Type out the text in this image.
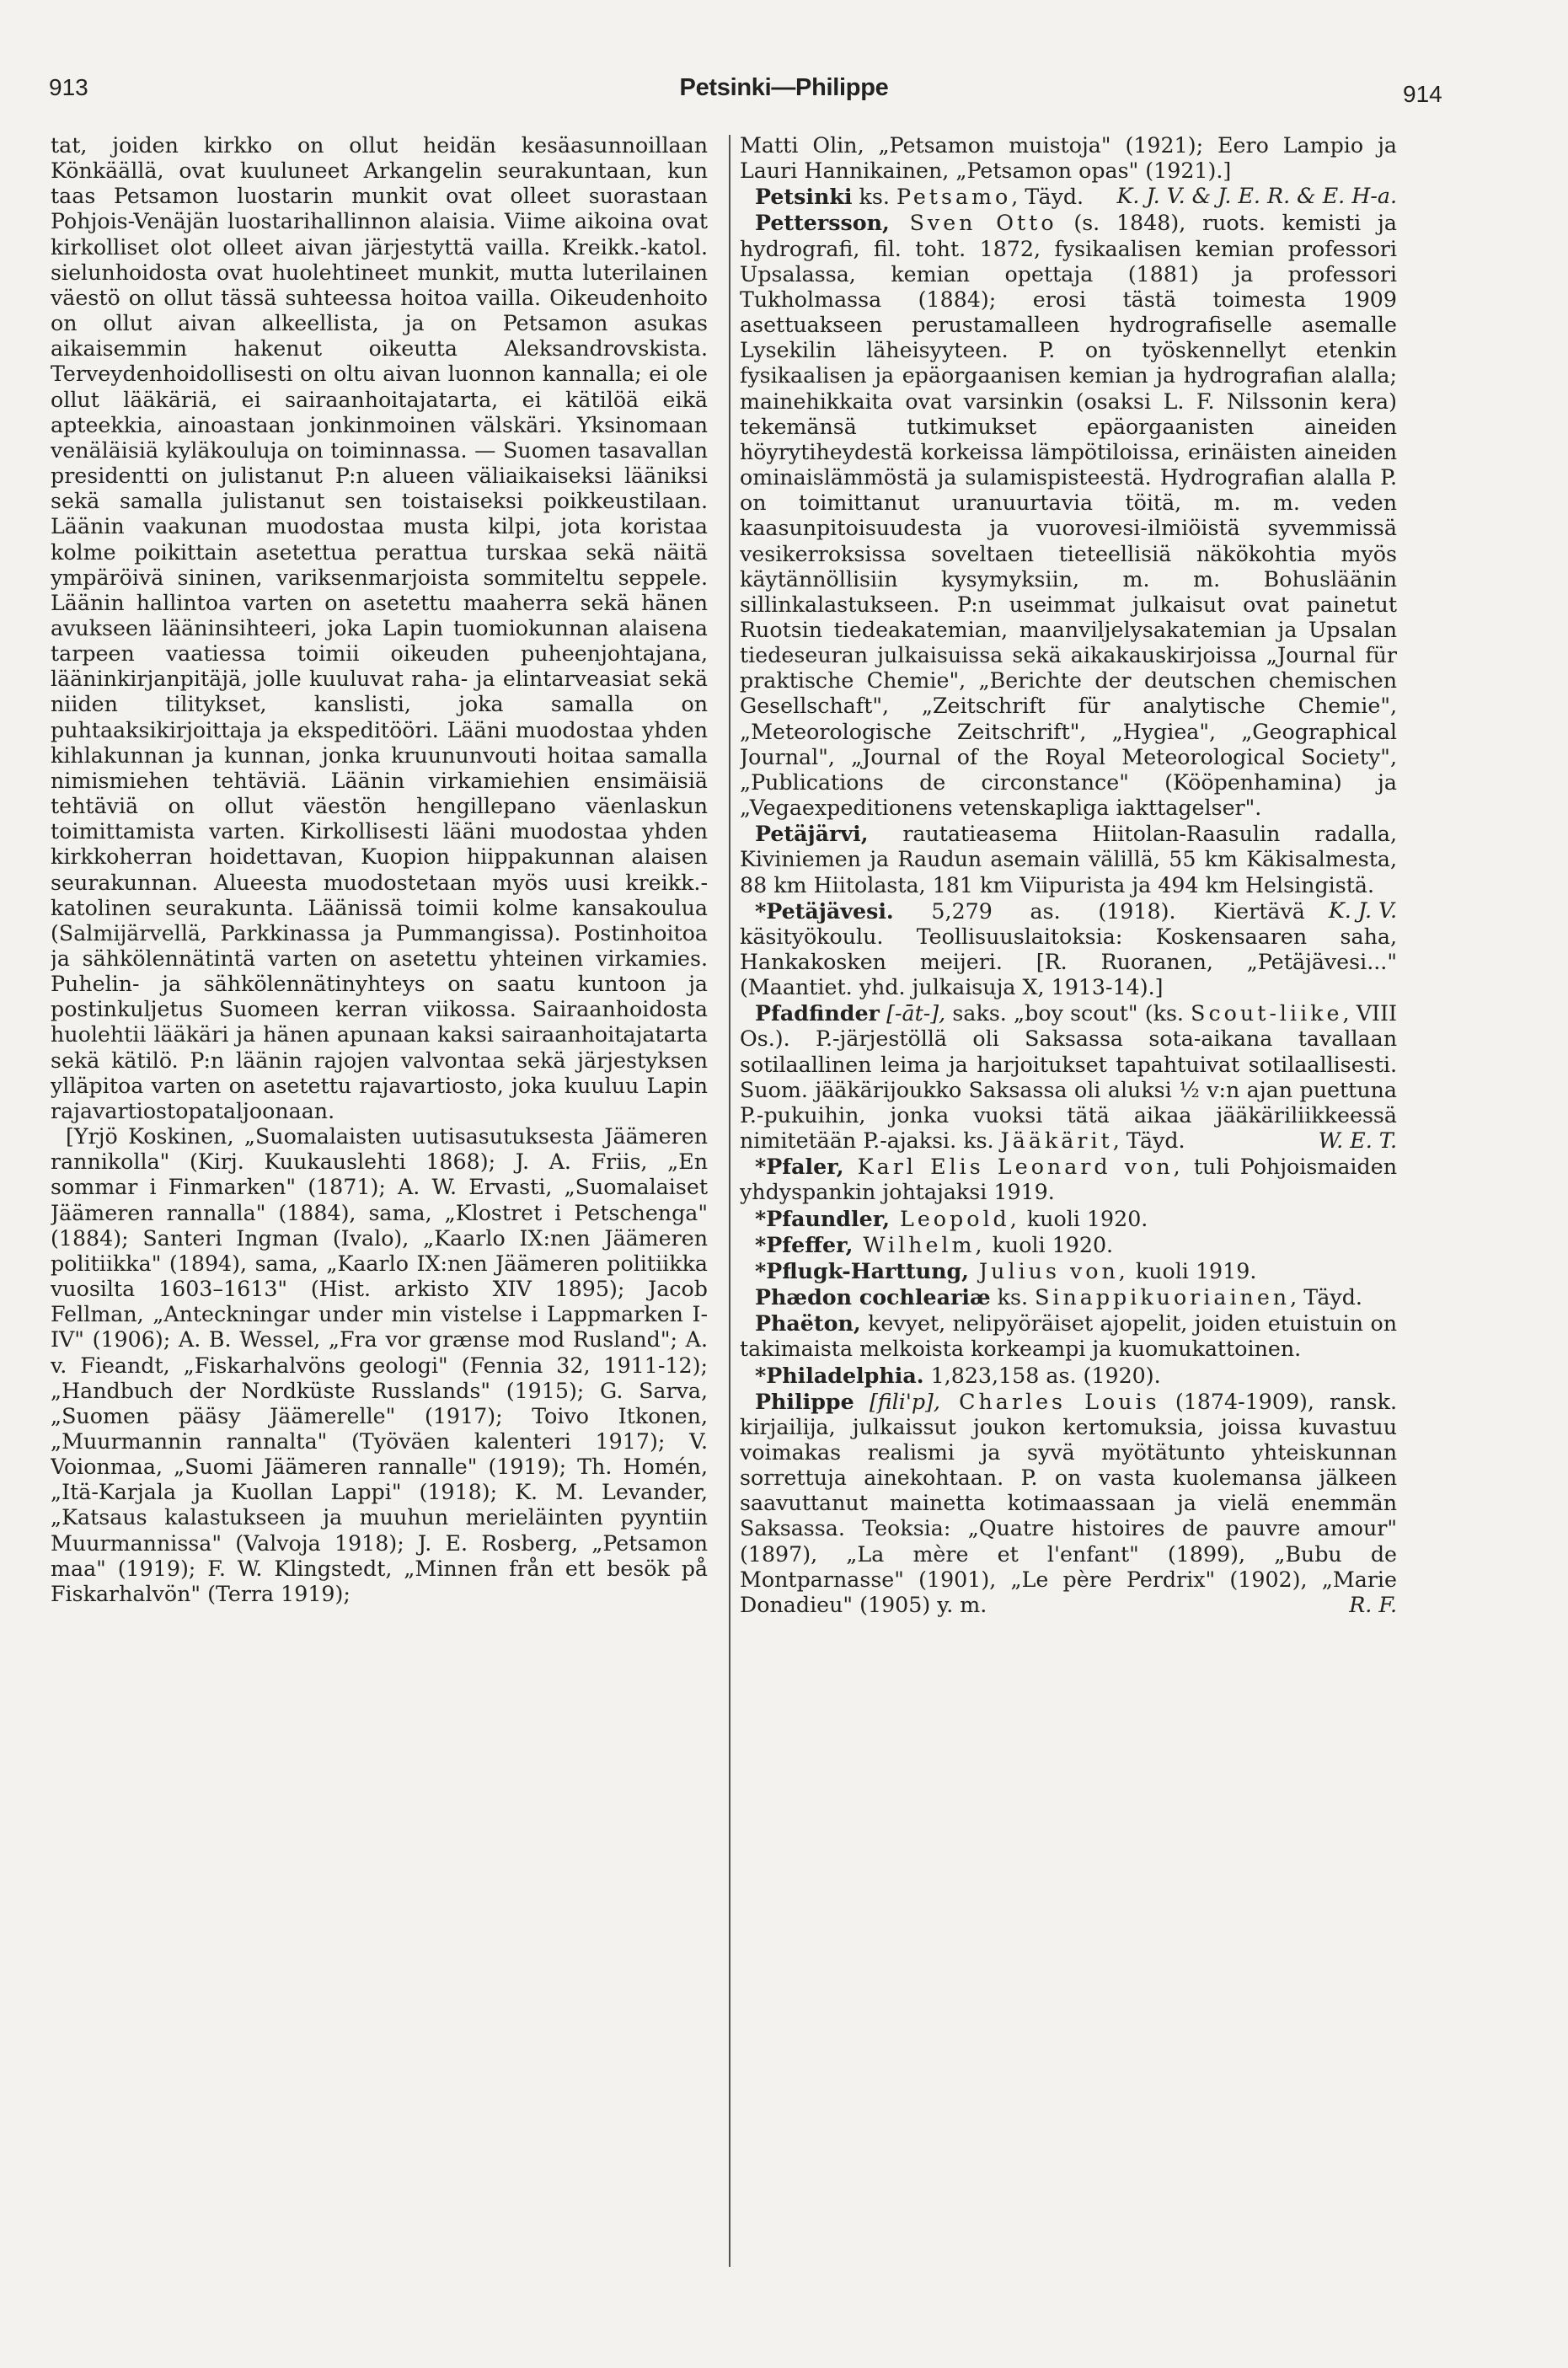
913	Petsinki—Philippe	914

tat, joiden kirkko on ollut heidän kesäasunnoillaan Könkäällä, ovat kuuluneet Arkangelin seurakuntaan, kun taas Petsamon luostarin munkit ovat olleet suorastaan Pohjois-Venäjän luostarihallinnon alaisia. Viime aikoina ovat kirkolliset olot olleet aivan järjestyttä vailla. Kreikk.-katol. sielunhoidosta ovat huolehtineet munkit, mutta luterilainen väestö on ollut tässä suhteessa hoitoa vailla. Oikeudenhoito on ollut aivan alkeellista, ja on Petsamon asukas aikaisemmin hakenut oikeutta Aleksandrovskista. Terveydenhoidollisesti on oltu aivan luonnon kannalla; ei ole ollut lääkäriä, ei sairaanhoitajatarta, ei kätilöä eikä apteekkia, ainoastaan jonkinmoinen välskäri. Yksinomaan venäläisiä kyläkouluja on toiminnassa. — Suomen tasavallan presidentti on julistanut P:n alueen väliaikaiseksi lääniksi sekä samalla julistanut sen toistaiseksi poikkeustilaan. Läänin vaakunan muodostaa musta kilpi, jota koristaa kolme poikittain asetettua perattua turskaa sekä näitä ympäröivä sininen, variksenmarjoista sommiteltu seppele. Läänin hallintoa varten on asetettu maaherra sekä hänen avukseen lääninsihteeri, joka Lapin tuomiokunnan alaisena tarpeen vaatiessa toimii oikeuden puheenjohtajana, lääninkirjanpitäjä, jolle kuuluvat raha- ja elintarveasiat sekä niiden tilitykset, kanslisti, joka samalla on puhtaaksikirjoittaja ja ekspeditööri. Lääni muodostaa yhden kihlakunnan ja kunnan, jonka kruununvouti hoitaa samalla nimismiehen tehtäviä. Läänin virkamiehien ensimäisiä tehtäviä on ollut väestön hengillepano väenlaskun toimittamista varten. Kirkollisesti lääni muodostaa yhden kirkkoherran hoidettavan, Kuopion hiippakunnan alaisen seurakunnan. Alueesta muodostetaan myös uusi kreikk.-katolinen seurakunta. Läänissä toimii kolme kansakoulua (Salmijärvellä, Parkkinassa ja Pummangissa). Postinhoitoa ja sähkölennätintä varten on asetettu yhteinen virkamies. Puhelin- ja sähkölennätinyhteys on saatu kuntoon ja postinkuljetus Suomeen kerran viikossa. Sairaanhoidosta huolehtii lääkäri ja hänen apunaan kaksi sairaanhoitajatarta sekä kätilö. P:n läänin rajojen valvontaa sekä järjestyksen ylläpitoa varten on asetettu rajavartiosto, joka kuuluu Lapin rajavartiostopataljoonaan.

[Yrjö Koskinen, „Suomalaisten uutisasutuksesta Jäämeren rannikolla" (Kirj. Kuukauslehti 1868); J. A. Friis, „En sommar i Finmarken" (1871); A. W. Ervasti, „Suomalaiset Jäämeren rannalla" (1884), sama, „Klostret i Petschenga" (1884); Santeri Ingman (Ivalo), „Kaarlo IX:nen Jäämeren politiikka" (1894), sama, „Kaarlo IX:nen Jäämeren politiikka vuosilta 1603–1613" (Hist. arkisto XIV 1895); Jacob Fellman, „Anteckningar under min vistelse i Lappmarken I-IV" (1906); A. B. Wessel, „Fra vor grænse mod Rusland"; A. v. Fieandt, „Fiskarhalvöns geologi" (Fennia 32, 1911-12); „Handbuch der Nordküste Russlands" (1915); G. Sarva, „Suomen pääsy Jäämerelle" (1917); Toivo Itkonen, „Muurmannin rannalta" (Työväen kalenteri 1917); V. Voionmaa, „Suomi Jäämeren rannalle" (1919); Th. Homén, „Itä-Karjala ja Kuollan Lappi" (1918); K. M. Levander, „Katsaus kalastukseen ja muuhun merieläinten pyyntiin Muurmannissa" (Valvoja 1918); J. E. Rosberg, „Petsamon maa" (1919); F. W. Klingstedt, „Minnen från ett besök på Fiskarhalvön" (Terra 1919);

Matti Olin, „Petsamon muistoja" (1921); Eero Lampio ja Lauri Hannikainen, „Petsamon opas" (1921).]
K. J. V. & J. E. R. & E. H-a.

Petsinki ks. Petsamo, Täyd.

Pettersson, Sven Otto (s. 1848), ruots. kemisti ja hydrografi, fil. toht. 1872, fysikaalisen kemian professori Upsalassa, kemian opettaja (1881) ja professori Tukholmassa (1884); erosi tästä toimesta 1909 asettuakseen perustamalleen hydrografiselle asemalle Lysekilin läheisyyteen. P. on työskennellyt etenkin fysikaalisen ja epäorgaanisen kemian ja hydrografian alalla; mainehikkaita ovat varsinkin (osaksi L. F. Nilssonin kera) tekemänsä tutkimukset epäorgaanisten aineiden höyrytiheydestä korkeissa lämpötiloissa, erinäisten aineiden ominaislämmöstä ja sulamispisteestä. Hydrografian alalla P. on toimittanut uranuurtavia töitä, m. m. veden kaasunpitoisuudesta ja vuorovesi-ilmiöistä syvemmissä vesikerroksissa soveltaen tieteellisiä näkökohtia myös käytännöllisiin kysymyksiin, m. m. Bohusläänin sillinkalastukseen. P:n useimmat julkaisut ovat painetut Ruotsin tiedeakatemian, maanviljelysakatemian ja Upsalan tiedeseuran julkaisuissa sekä aikakauskirjoissa „Journal für praktische Chemie", „Berichte der deutschen chemischen Gesellschaft", „Zeitschrift für analytische Chemie", „Meteorologische Zeitschrift", „Hygiea", „Geographical Journal", „Journal of the Royal Meteorological Society", „Publications de circonstance" (Kööpenhamina) ja „Vegaexpeditionens vetenskapliga iakttagelser".

Petäjärvi, rautatieasema Hiitolan-Raasulin radalla, Kiviniemen ja Raudun asemain välillä, 55 km Käkisalmesta, 88 km Hiitolasta, 181 km Viipurista ja 494 km Helsingistä.
K. J. V.

*Petäjävesi. 5,279 as. (1918). Kiertävä käsityökoulu. Teollisuuslaitoksia: Koskensaaren saha, Hankakosken meijeri. [R. Ruoranen, „Petäjävesi..." (Maantiet. yhd. julkaisuja X, 1913-14).]

Pfadfinder [-āt-], saks. „boy scout" (ks. Scout-liike, VIII Os.). P.-järjestöllä oli Saksassa sota-aikana tavallaan sotilaallinen leima ja harjoitukset tapahtuivat sotilaallisesti. Suom. jääkärijoukko Saksassa oli aluksi ½ v:n ajan puettuna P.-pukuihin, jonka vuoksi tätä aikaa jääkäriliikkeessä nimitetään P.-ajaksi. ks. Jääkärit, Täyd.	W. E. T.

*Pfaler, Karl Elis Leonard von, tuli Pohjoismaiden yhdyspankin johtajaksi 1919.

*Pfaundler, Leopold, kuoli 1920.

*Pfeffer, Wilhelm, kuoli 1920.

*Pflugk-Harttung, Julius von, kuoli 1919.

Phædon cochleariæ ks. Sinappikuoriainen, Täyd.

Phaëton, kevyet, nelipyöräiset ajopelit, joiden etuistuin on takimaista melkoista korkeampi ja kuomukattoinen.

*Philadelphia. 1,823,158 as. (1920).

Philippe [fili'p], Charles Louis (1874-1909), ransk. kirjailija, julkaissut joukon kertomuksia, joissa kuvastuu voimakas realismi ja syvä myötätunto yhteiskunnan sorrettuja ainekohtaan. P. on vasta kuolemansa jälkeen saavuttanut mainetta kotimaassaan ja vielä enemmän Saksassa. Teoksia: „Quatre histoires de pauvre amour" (1897), „La mère et l'enfant" (1899), „Bubu de Montparnasse" (1901), „Le père Perdrix" (1902), „Marie Donadieu" (1905) y. m.	R. F.
